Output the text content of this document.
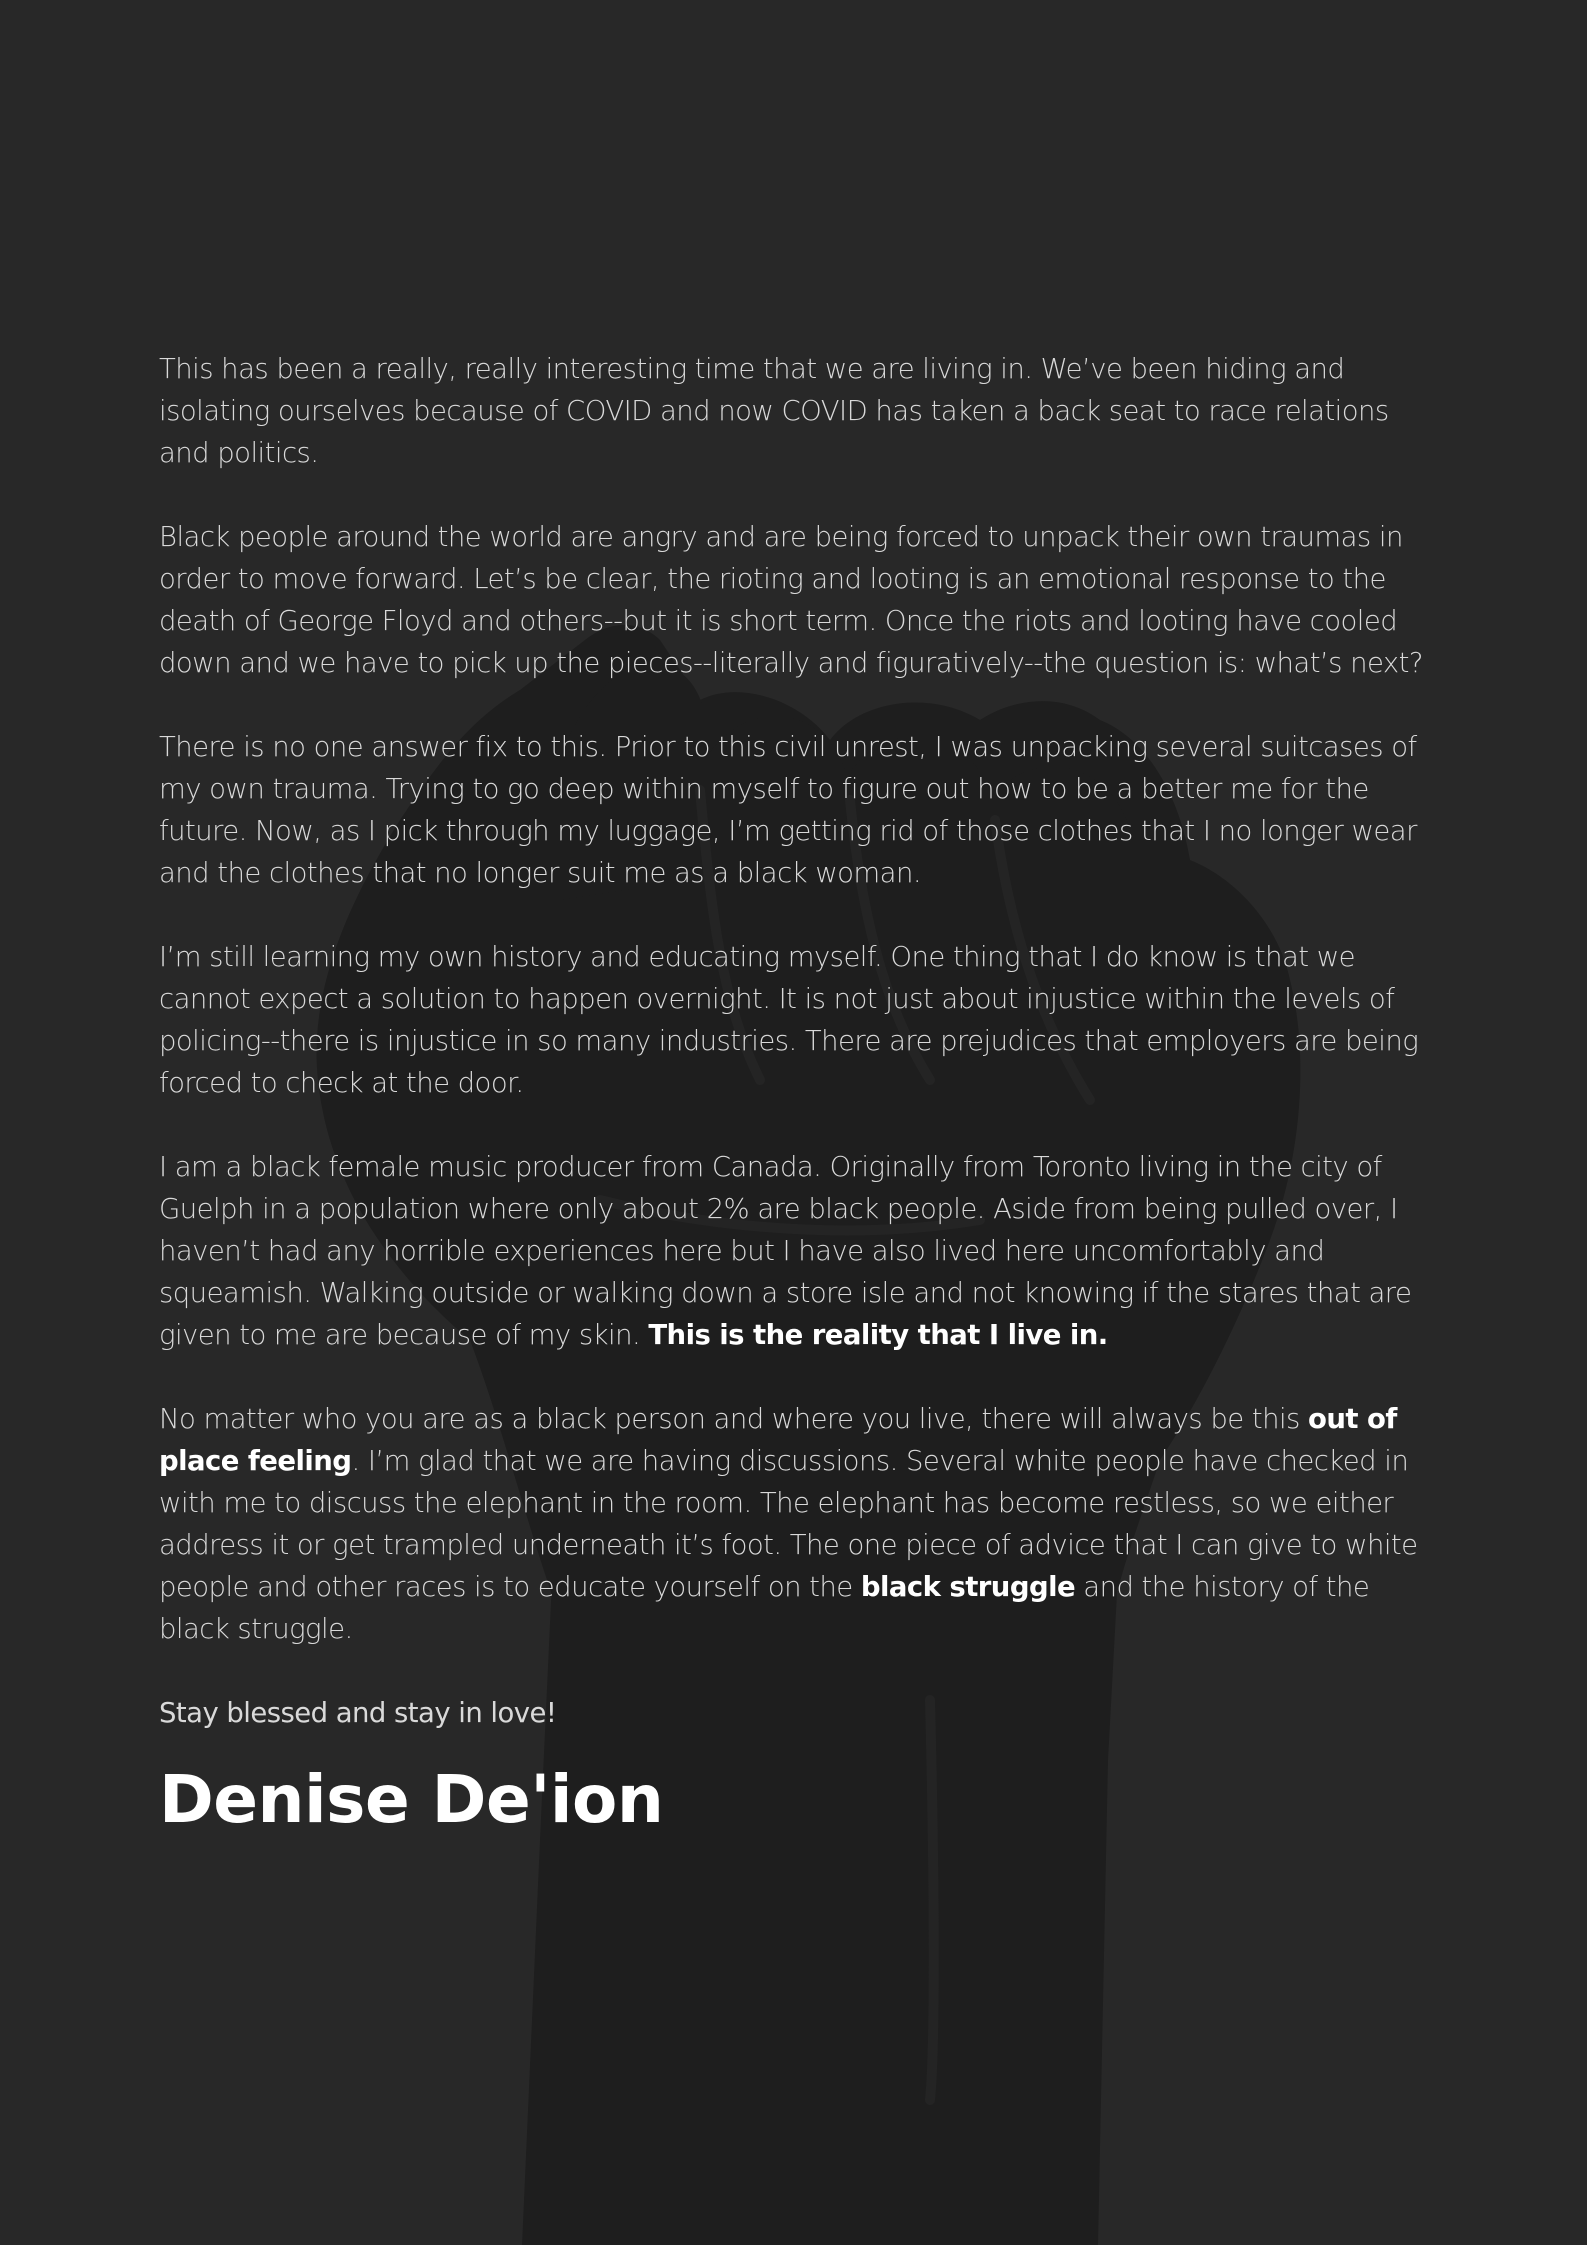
This has been a really, really interesting time that we are living in. We’ve been hiding and isolating ourselves because of COVID and now COVID has taken a back seat to race relations and politics.

Black people around the world are angry and are being forced to unpack their own traumas in order to move forward. Let’s be clear, the rioting and looting is an emotional response to the death of George Floyd and others--but it is short term. Once the riots and looting have cooled down and we have to pick up the pieces--literally and figuratively--the question is: what’s next?

There is no one answer fix to this. Prior to this civil unrest, I was unpacking several suitcases of my own trauma. Trying to go deep within myself to figure out how to be a better me for the future. Now, as I pick through my luggage, I’m getting rid of those clothes that I no longer wear and the clothes that no longer suit me as a black woman.

I’m still learning my own history and educating myself. One thing that I do know is that we cannot expect a solution to happen overnight. It is not just about injustice within the levels of policing--there is injustice in so many industries. There are prejudices that employers are being forced to check at the door.

I am a black female music producer from Canada. Originally from Toronto living in the city of Guelph in a population where only about 2% are black people. Aside from being pulled over, I haven’t had any horrible experiences here but I have also lived here uncomfortably and squeamish. Walking outside or walking down a store isle and not knowing if the stares that are given to me are because of my skin. This is the reality that I live in.

No matter who you are as a black person and where you live, there will always be this out of place feeling. I’m glad that we are having discussions. Several white people have checked in with me to discuss the elephant in the room. The elephant has become restless, so we either address it or get trampled underneath it’s foot. The one piece of advice that I can give to white people and other races is to educate yourself on the black struggle and the history of the black struggle.

Stay blessed and stay in love!

Denise De'ion
